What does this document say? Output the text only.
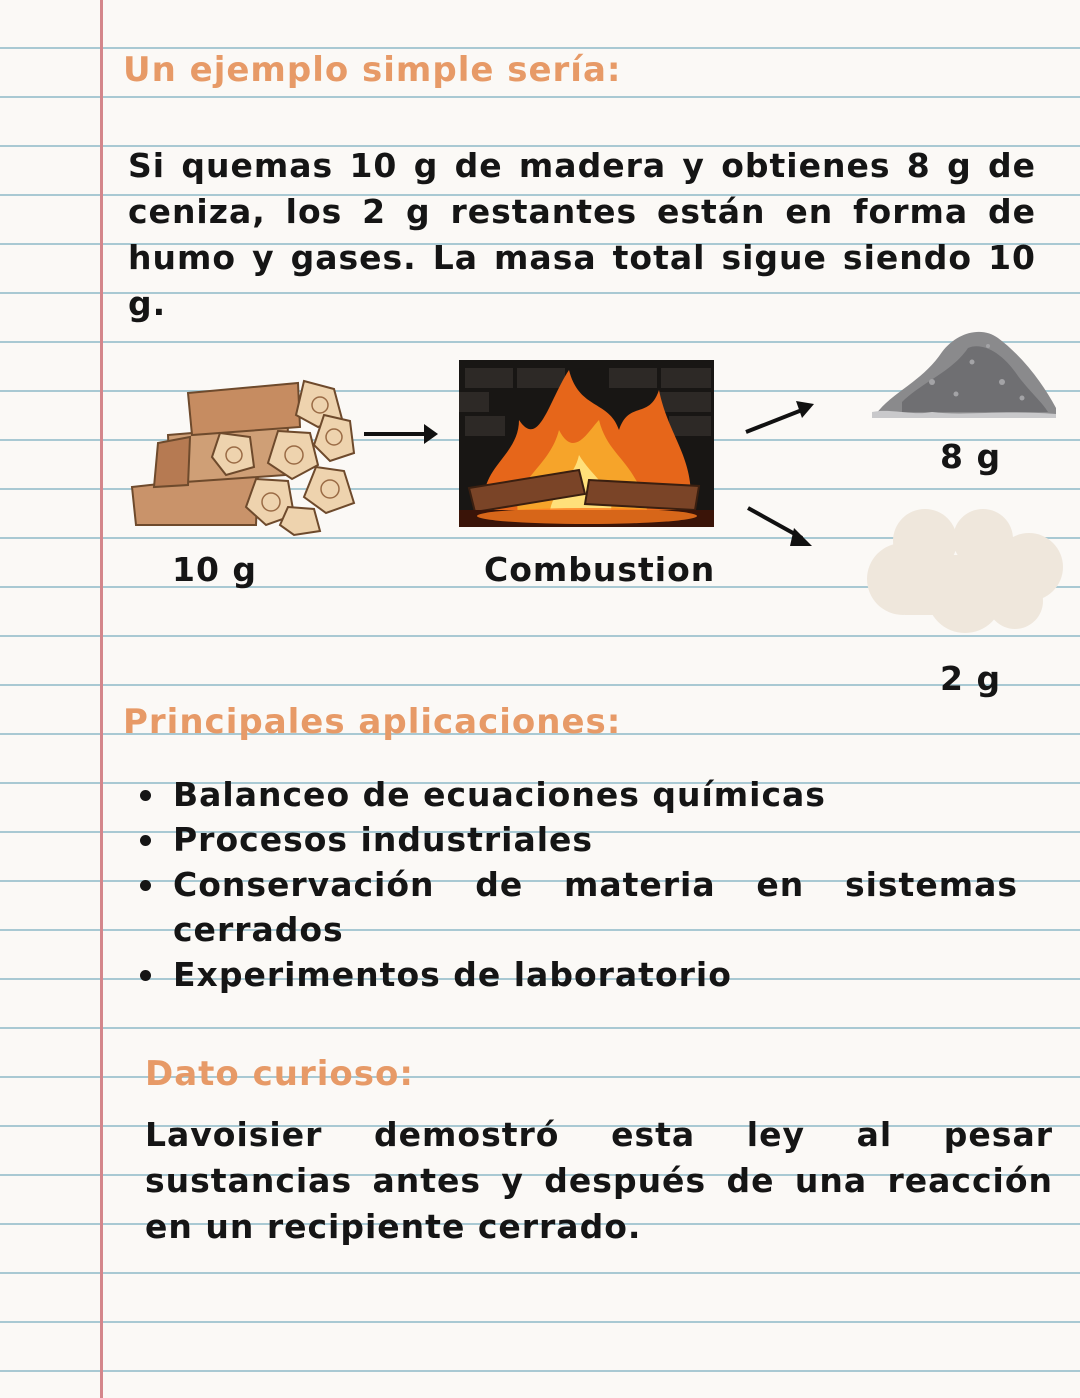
Un ejemplo simple sería:

Si quemas 10 g de madera y obtienes 8 g de ceniza, los 2 g restantes están en forma de humo y gases. La masa total sigue siendo 10 g.

10 g	Combustion
8 g
2 g
Principales aplicaciones:
Balanceo de ecuaciones químicas
Procesos industriales
Conservación de materia en sistemas cerrados
Experimentos de laboratorio
Dato curioso:

Lavoisier demostró esta ley al pesar sustancias antes y después de una reacción en un recipiente cerrado.
